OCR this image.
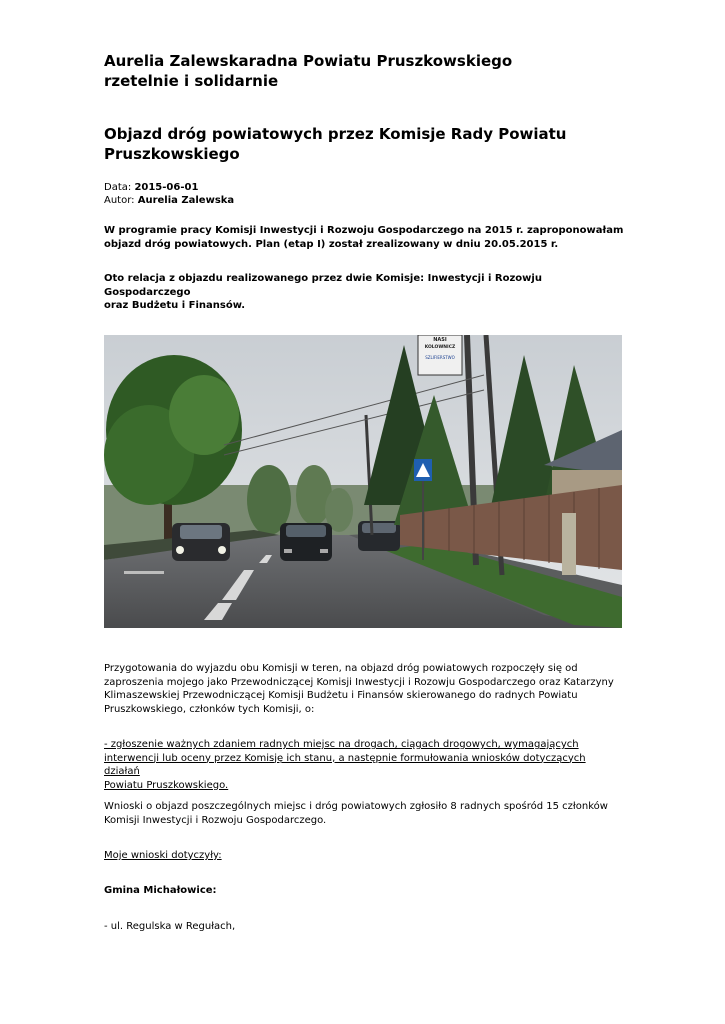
Aurelia Zalewskaradna Powiatu Pruszkowskiego
rzetelnie i solidarnie
Objazd dróg powiatowych przez Komisje Rady Powiatu
Pruszkowskiego
Data: 2015-06-01
Autor: Aurelia Zalewska
W programie pracy Komisji Inwestycji i Rozwoju Gospodarczego na 2015 r. zaproponowałam
objazd dróg powiatowych. Plan (etap I) został zrealizowany w dniu 20.05.2015 r.
Oto relacja z objazdu realizowanego przez dwie Komisje: Inwestycji i Rozowju Gospodarczego
oraz Budżetu i Finansów.
NASI
KOLOWNICZ
SZLIFIERSTWO
Przygotowania do wyjazdu obu Komisji w teren, na objazd dróg powiatowych rozpoczęły się od
zaproszenia mojego jako Przewodniczącej Komisji Inwestycji i Rozowju Gospodarczego oraz Katarzyny
Klimaszewskiej Przewodniczącej Komisji Budżetu i Finansów skierowanego do radnych Powiatu
Pruszkowskiego, członków tych Komisji, o:
- zgłoszenie ważnych zdaniem radnych miejsc na drogach, ciągach drogowych, wymagających
interwencji lub oceny przez Komisję ich stanu, a następnie formułowania wniosków dotyczących działań
Powiatu Pruszkowskiego.
Wnioski o objazd poszczególnych miejsc i dróg powiatowych zgłosiło 8 radnych spośród 15 członków
Komisji Inwestycji i Rozwoju Gospodarczego.
Moje wnioski dotyczyły:
Gmina Michałowice:
- ul. Regulska w Regułach,
